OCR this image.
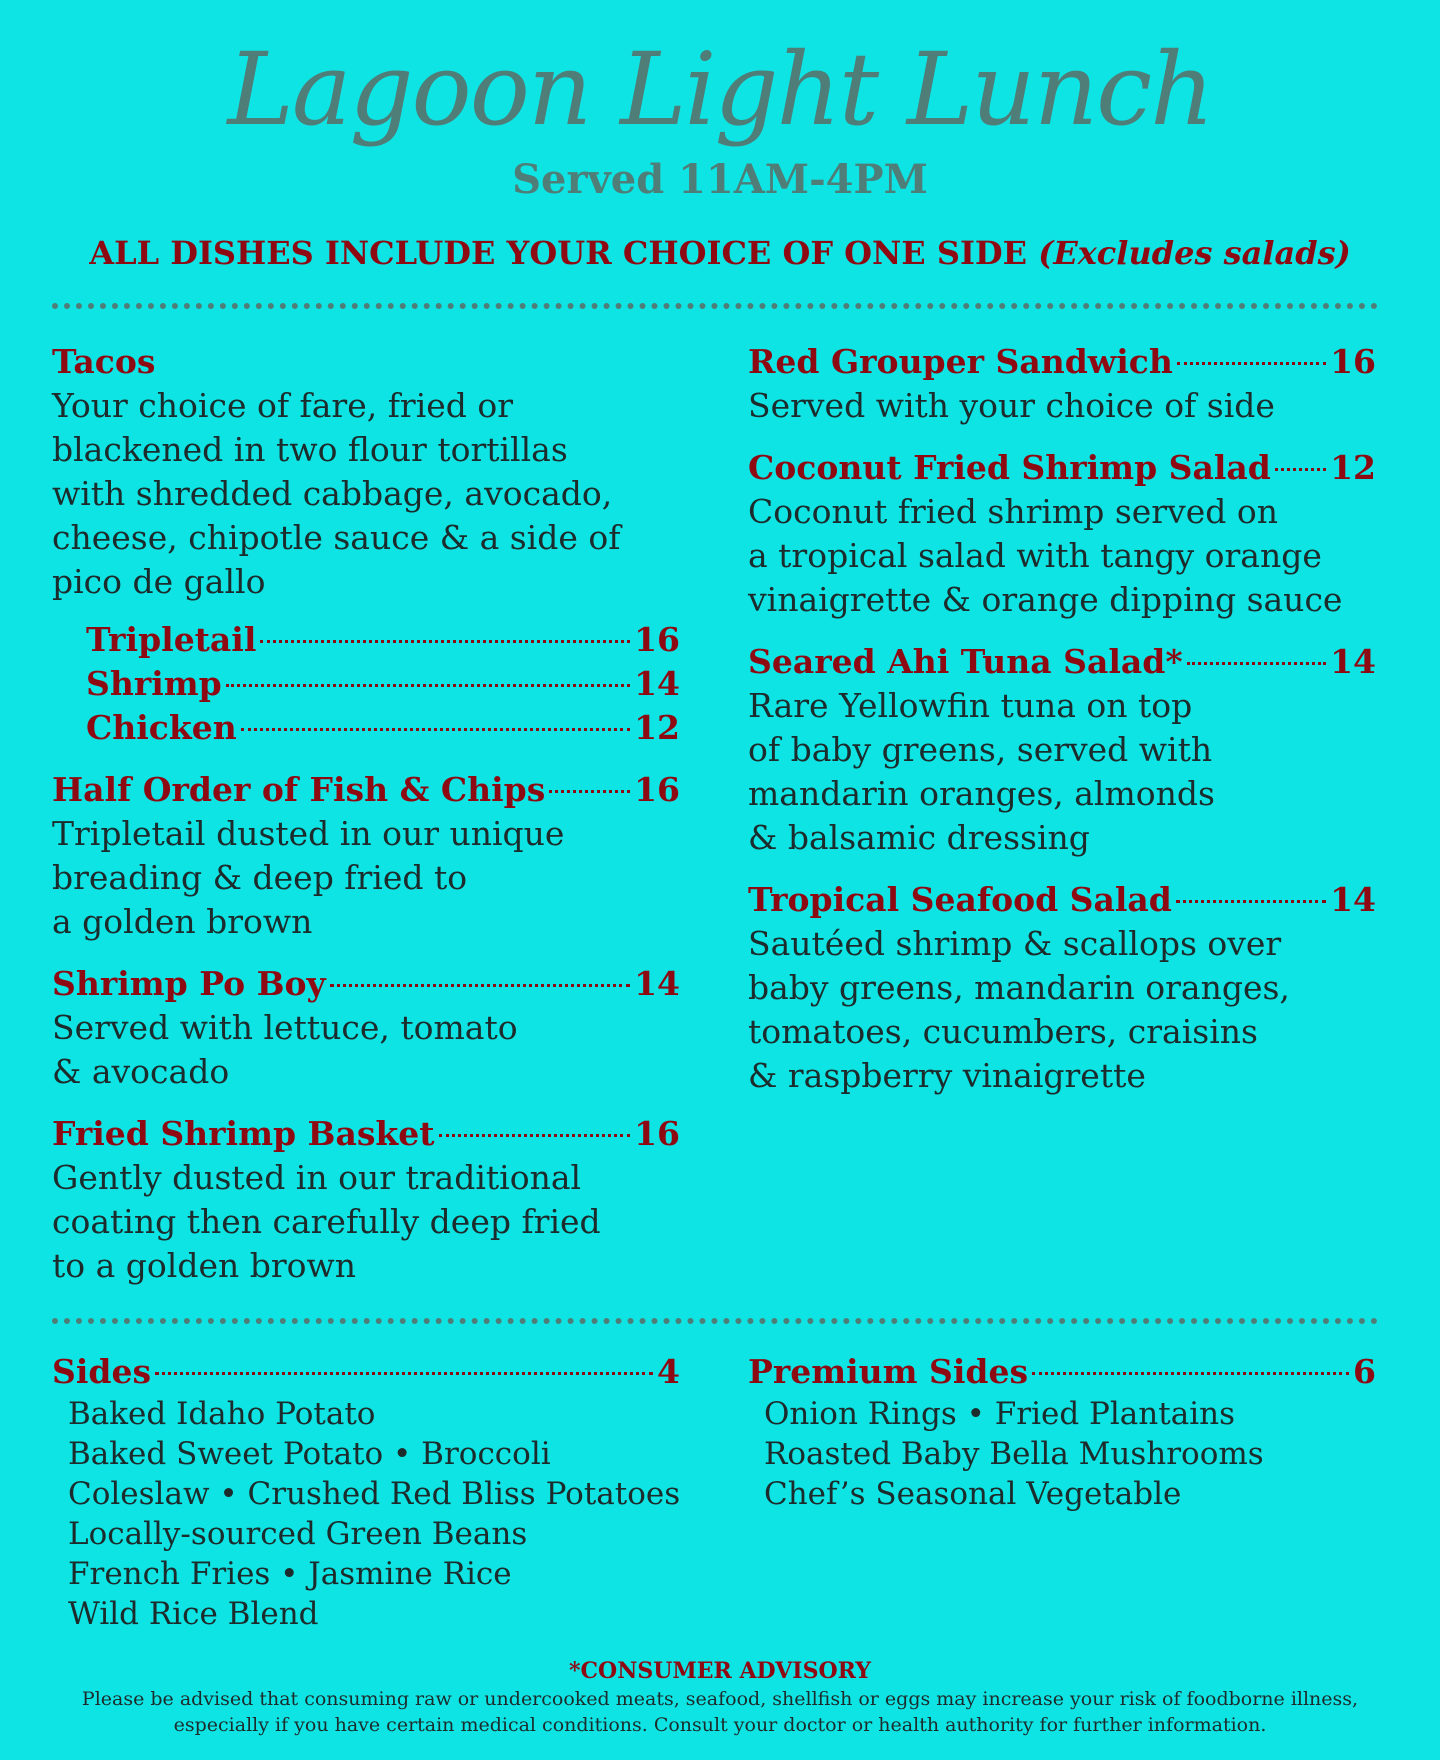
Lagoon Light Lunch
Served 11AM-4PM
ALL DISHES INCLUDE YOUR CHOICE OF ONE SIDE (Excludes salads)
Tacos
Your choice of fare, fried or
blackened in two flour tortillas
with shredded cabbage, avocado,
cheese, chipotle sauce & a side of
pico de gallo
Tripletail	16
Shrimp	14
Chicken	12
Half Order of Fish & Chips	16
Tripletail dusted in our unique
breading & deep fried to
a golden brown
Shrimp Po Boy	14
Served with lettuce, tomato
& avocado
Fried Shrimp Basket	16
Gently dusted in our traditional
coating then carefully deep fried
to a golden brown
Red Grouper Sandwich	16
Served with your choice of side
Coconut Fried Shrimp Salad 12
Coconut fried shrimp served on
a tropical salad with tangy orange
vinaigrette & orange dipping sauce
Seared Ahi Tuna Salad*	14
Rare Yellowfin tuna on top
of baby greens, served with
mandarin oranges, almonds
& balsamic dressing
Tropical Seafood Salad	14
Sautéed shrimp & scallops over
baby greens, mandarin oranges,
tomatoes, cucumbers, craisins
& raspberry vinaigrette
Sides	4
Baked Idaho Potato
Baked Sweet Potato • Broccoli
Coleslaw • Crushed Red Bliss Potatoes
Locally-sourced Green Beans
French Fries • Jasmine Rice
Wild Rice Blend
Premium Sides	6
Onion Rings • Fried Plantains
Roasted Baby Bella Mushrooms
Chef’s Seasonal Vegetable
*CONSUMER ADVISORY
Please be advised that consuming raw or undercooked meats, seafood, shellfish or eggs may increase your risk of foodborne illness, especially if you have certain medical conditions. Consult your doctor or health authority for further information.
